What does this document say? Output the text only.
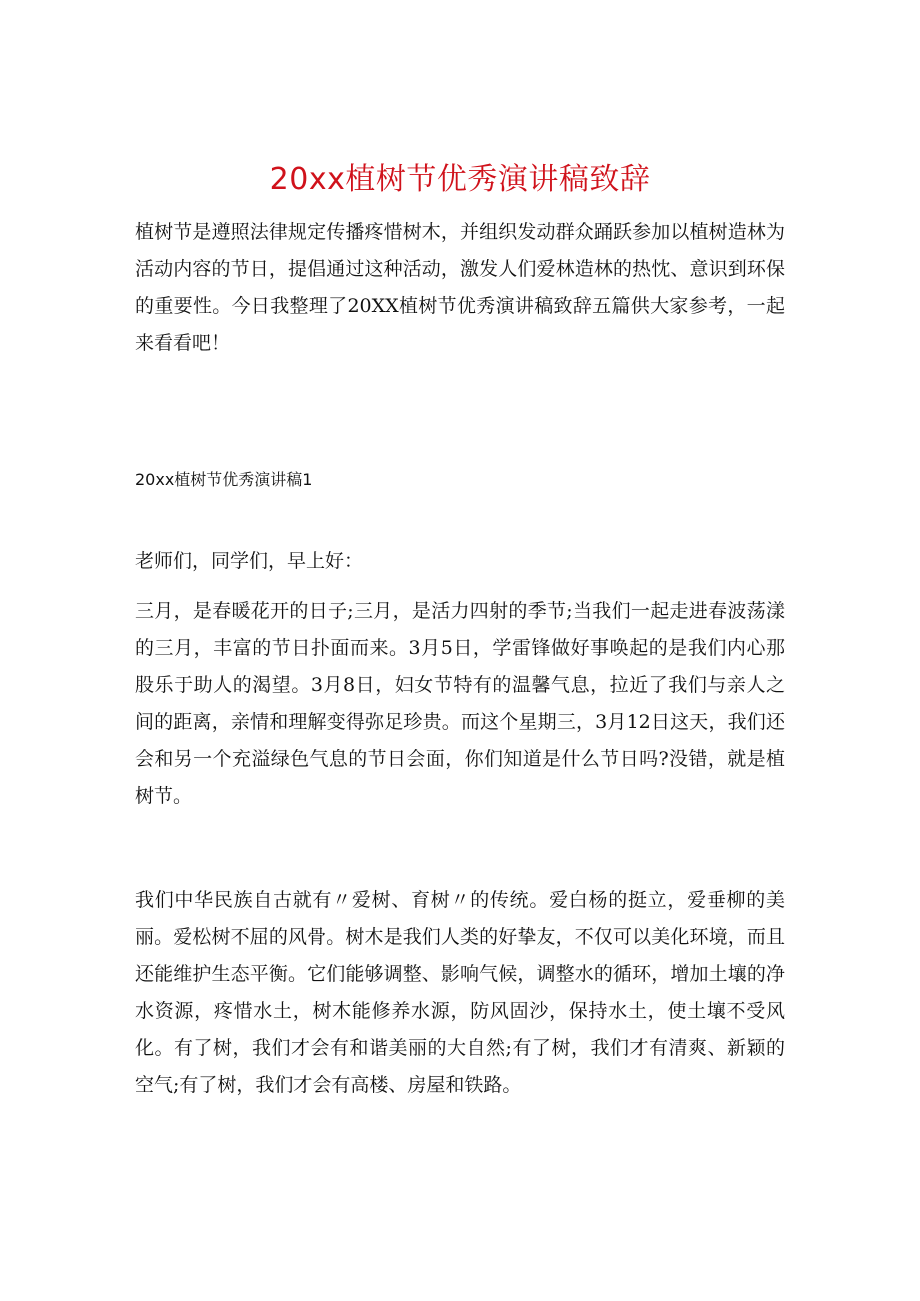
20xx植树节优秀演讲稿致辞

植树节是遵照法律规定传播疼惜树木，并组织发动群众踊跃参加以植树造林为活动内容的节日，提倡通过这种活动，激发人们爱林造林的热忱、意识到环保的重要性。今日我整理了20XX植树节优秀演讲稿致辞五篇供大家参考，一起来看看吧！

20xx植树节优秀演讲稿1

老师们，同学们，早上好：

三月，是春暖花开的日子;三月，是活力四射的季节;当我们一起走进春波荡漾的三月，丰富的节日扑面而来。3月5日，学雷锋做好事唤起的是我们内心那股乐于助人的渴望。3月8日，妇女节特有的温馨气息，拉近了我们与亲人之间的距离，亲情和理解变得弥足珍贵。而这个星期三，3月12日这天，我们还会和另一个充溢绿色气息的节日会面，你们知道是什么节日吗?没错，就是植树节。

我们中华民族自古就有〃爱树、育树〃的传统。爱白杨的挺立，爱垂柳的美丽。爱松树不屈的风骨。树木是我们人类的好挚友，不仅可以美化环境，而且还能维护生态平衡。它们能够调整、影响气候，调整水的循环，增加土壤的净水资源，疼惜水土，树木能修养水源，防风固沙，保持水土，使土壤不受风化。有了树，我们才会有和谐美丽的大自然;有了树，我们才有清爽、新颖的空气;有了树，我们才会有高楼、房屋和铁路。
